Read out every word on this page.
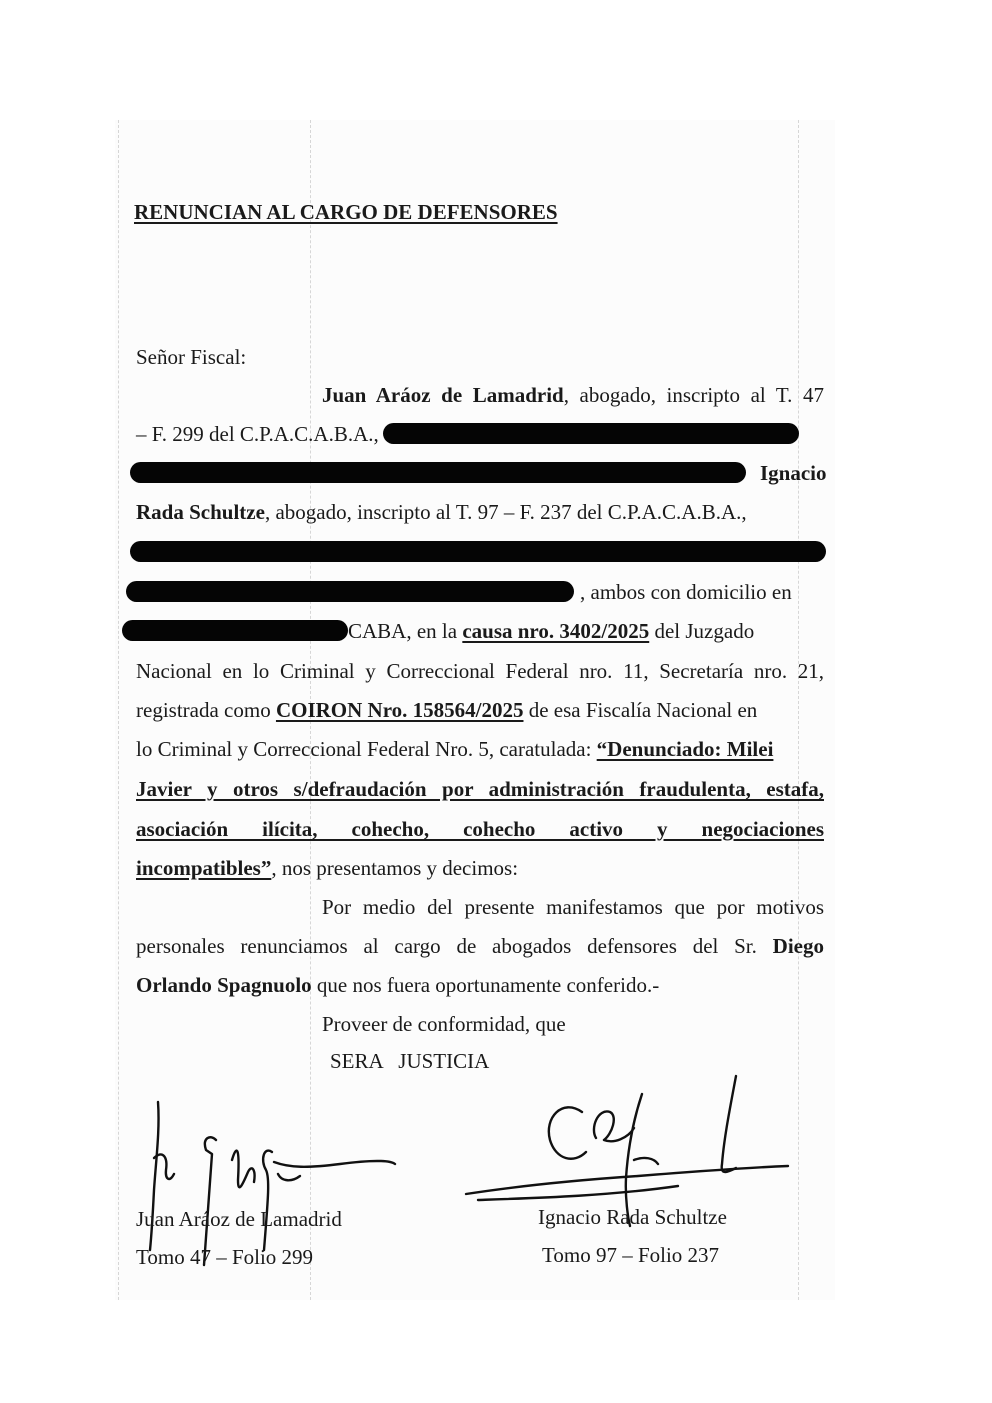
RENUNCIAN AL CARGO DE DEFENSORES
Señor Fiscal:
Juan Aráoz de Lamadrid, abogado, inscripto al T. 47
– F. 299 del C.P.A.C.A.B.A.,
Ignacio
Rada Schultze, abogado, inscripto al T. 97 – F. 237 del C.P.A.C.A.B.A.,
, ambos con domicilio en
CABA, en la causa nro. 3402/2025 del Juzgado
Nacional en lo Criminal y Correccional Federal nro. 11, Secretaría nro. 21,
registrada como COIRON Nro. 158564/2025 de esa Fiscalía Nacional en
lo Criminal y Correccional Federal Nro. 5, caratulada: “Denunciado: Milei
Javier y otros s/defraudación por administración fraudulenta, estafa,
asociación ilícita, cohecho, cohecho activo y negociaciones
incompatibles”, nos presentamos y decimos:
Por medio del presente manifestamos que por motivos
personales renunciamos al cargo de abogados defensores del Sr. Diego
Orlando Spagnuolo que nos fuera oportunamente conferido.-
Proveer de conformidad, que
SERA   JUSTICIA
Juan Aráoz de Lamadrid
Tomo 47 – Folio 299
Ignacio Rada Schultze
Tomo 97 – Folio 237
